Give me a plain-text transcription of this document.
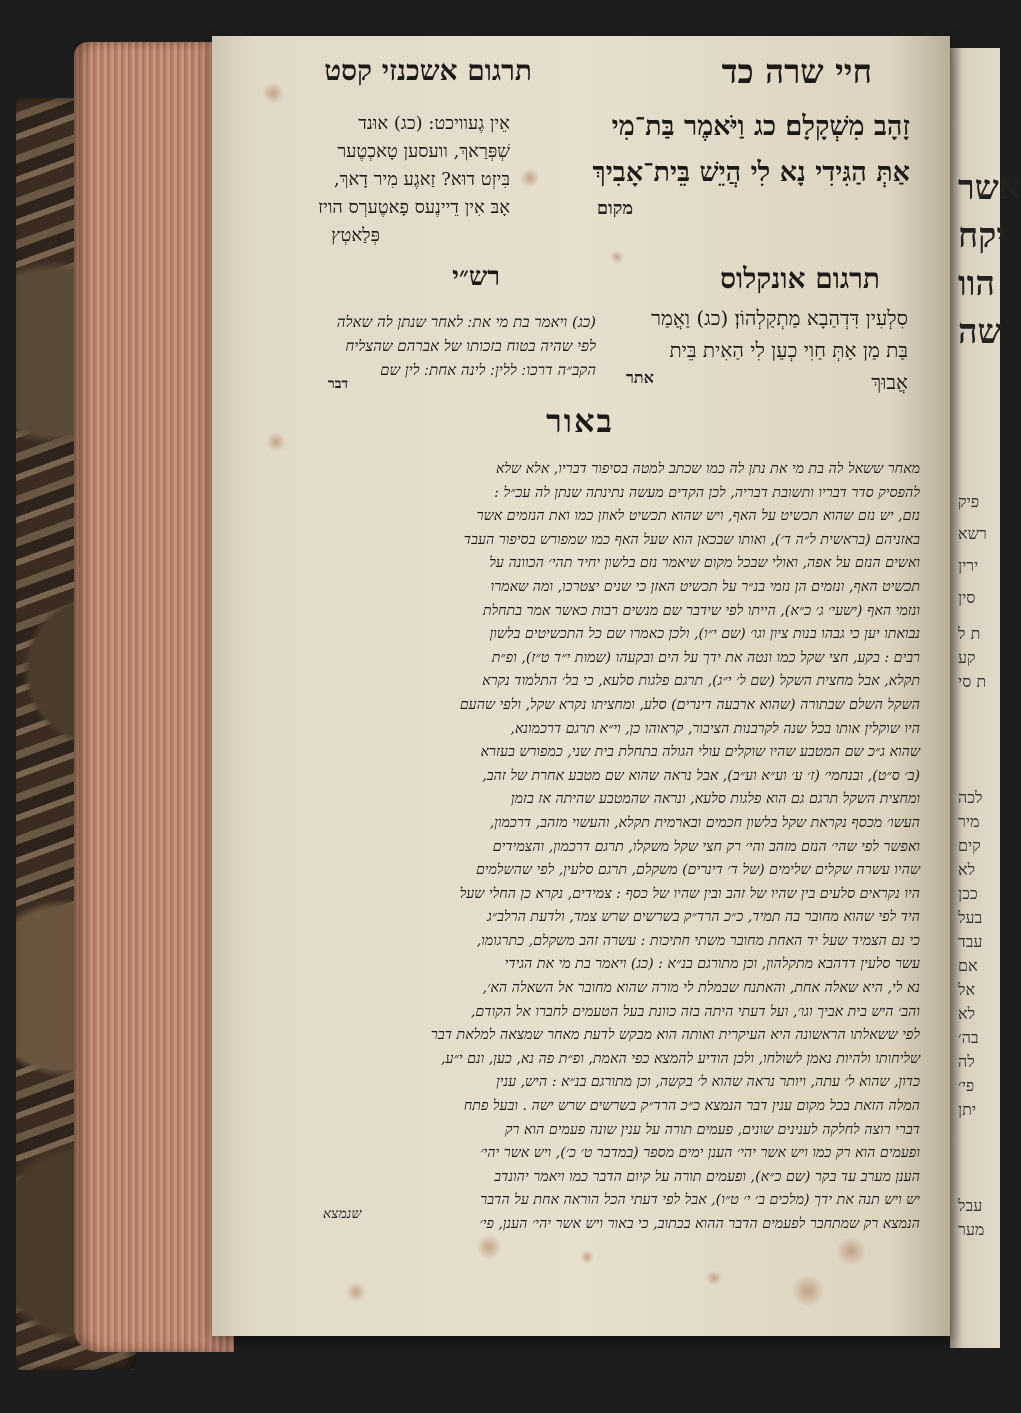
אשר
יקח
הוו
שה
פיק
רשא
ירין
סין
ת ל
קע
ת סי
לכה
מיר
קים
לא
ככן
בעל
עבד
אם
אל
לא
בה׳
לה
פי׳
יתן
עבל
מער
חיי שרה כד
תרגום אשכנזי קסט
זָהָב מִשְׁקָלָם׃ כג וַיֹּאמֶר בַּת־מִי
אַתְּ הַגִּידִי נָא לִי הֲיֵשׁ בֵּית־אָבִיךְ
מקום
אֵין גֶעוויכט: (כג) אוּנד
שְׁפְּרַאךְ, וועסען טָאכְטֶער
בִּיזְט דוּא? זַאגֶע מִיר דָאךְ,
אָבּ אִין דֵיינֶעס פָאטֶערְס הויז
פְּלַאטְץ
תרגום אונקלוס
רש״י
סִלְעִין דִּדְהַבָא מַתְקַלְהוֹן׃ (כג) וַאֲמַר
בַּת מַן אַתְּ חַוִי כְעַן לִי הַאִית בֵּית
אֲבוּךְ
אתר
(כג) ויאמר בת מי את ׃ לאחר שנתן לה שאלה
לפי שהיה בטוח בזכותו של אברהם שהצליח
הקב״ה דרכו ׃ ללין ׃ לינה אחת ׃ לין שם
דבר
באור
מאחר ששאל לה בת מי את נתן לה כמו שכתב למטה בסיפור דבריו, אלא שלא
להפסיק סדר דבריו ותשובת דבריה, לכן הקדים מעשה נתינתה שנתן לה עכ״ל :
נזם, יש נזם שהוא תכשיט על האף, ויש שהוא תכשיט לאוזן כמו ואת הנזמים אשר
באזניהם (בראשית ל״ה ד׳), ואותו שבכאן הוא שעל האף כמו שמפורש בסיפור העבד
ואשים הנזם על אפה, ואולי שבכל מקום שיאמר נזם בלשון יחיד תהי׳ הכוונה על
תכשיט האף, ונזמים הן נזמי בנ״ר על תכשיט האזן כי שנים יצטרכו, ומה שאמרו
ונזמי האף (ישעי׳ ג׳ כ״א), הייתו לפי שידבר שם מנשים רבות כאשר אמר בתחלת
נבואתו יען כי גבהו בנות ציון וגו׳ (שם י״ו), ולכן כאמרו שם כל התכשיטים בלשון
רבים : בקע, חצי שקל כמו ונטה את ידך על הים ובקעהו (שמות י״ד ט״ז), ופ״ת
תקלא, אבל מחצית השקל (שם ל׳ י״ג), תרגם פלגות סלעא, כי בל׳ התלמוד נקרא
השקל השלם שבתורה (שהוא ארבעה דינרים) סלע, ומחציתו נקרא שקל, ולפי שהעם
היו שוקלין אותו בכל שנה לקרבנות הציבור, קראוהו כן, וי״א תרגם דרכמונא,
שהוא ג״כ שם המטבע שהיו שוקלים עולי הגולה בתחלת בית שני, כמפורש בעזרא
(ב׳ ס״ט), ובנחמי׳ (ז׳ ע׳ וע״א וע״ב), אבל נראה שהוא שם מטבע אחרת של זהב,
ומחצית השקל תרגם גם הוא פלגות סלעא, ונראה שהמטבע שהיתה אז בזמן
העשו׳ מכסף נקראת שקל בלשון חכמים ובארמית תקלא, והעשוי מזהב, דרכמון,
ואפשר לפי שהי׳ הנזם מזהב והי׳ רק חצי שקל משקלו, תרגם דרכמון, והצמידים
שהיו עשרה שקלים שלימים (של ד׳ דינרים) משקלם, תרגם סלעין, לפי שהשלמים
היו נקראים סלעים בין שהיו של זהב ובין שהיו של כסף : צמידים, נקרא כן החלי שעל
היד לפי שהוא מחובר בה תמיד, כ״כ הרד״ק בשרשים שרש צמד, ולדעת הרלב״ג
כי נם הצמיד שעל יד האחת מחובר משתי חתיכות : עשרה זהב משקלם, כתרגומו,
עשר סלעין דדהבא מתקלהון, וכן מתורגם בנ״א : (כג) ויאמר בת מי את הגידי
נא לי, היא שאלה אחת, והאתנח שבמלת לי מורה שהוא מחובר אל השאלה הא׳,
והב׳ היש בית אביך וגו׳, ועל דעתי היתה בזה כוונת בעל הטעמים לחברו אל הקודם,
לפי ששאלתו הראשונה היא העיקרית ואותה הוא מבקש לדעת מאחר שמצאה למלאת דבר
שליחותו ולהיות נאמן לשולחו, ולכן הודיע להמצא כפי האמת, ופ״ת פה נא, כען, ונם י״ע,
כדון, שהוא ל׳ עתה, ויותר נראה שהוא ל׳ בקשה, וכן מתורגם בנ״א : היש, ענין
המלה הזאת בכל מקום ענין דבר הנמצא כ״כ הרד״ק בשרשים שרש ישה . ובעל פתח
דברי רוצה לחלקה לענינים שונים, פעמים תורה על ענין שונה פעמים הוא רק
ופעמים הוא רק כמו ויש אשר יהי׳ הענן ימים מספר (במדבר ט׳ כ׳), ויש אשר יהי׳
הענן מערב עד בקר (שם כ״א), ופעמים תורה על קיום הדבר כמו ויאמר יהונדב
יש ויש תנה את ידך (מלכים ב׳ י׳ ט״ו), אבל לפי דעתי הכל הוראה אחת על הדבר
הנמצא רק שמתחבר לפעמים הדבר ההוא בכתוב, כי באור ויש אשר יהי׳ הענן, פי׳
שנמצא
